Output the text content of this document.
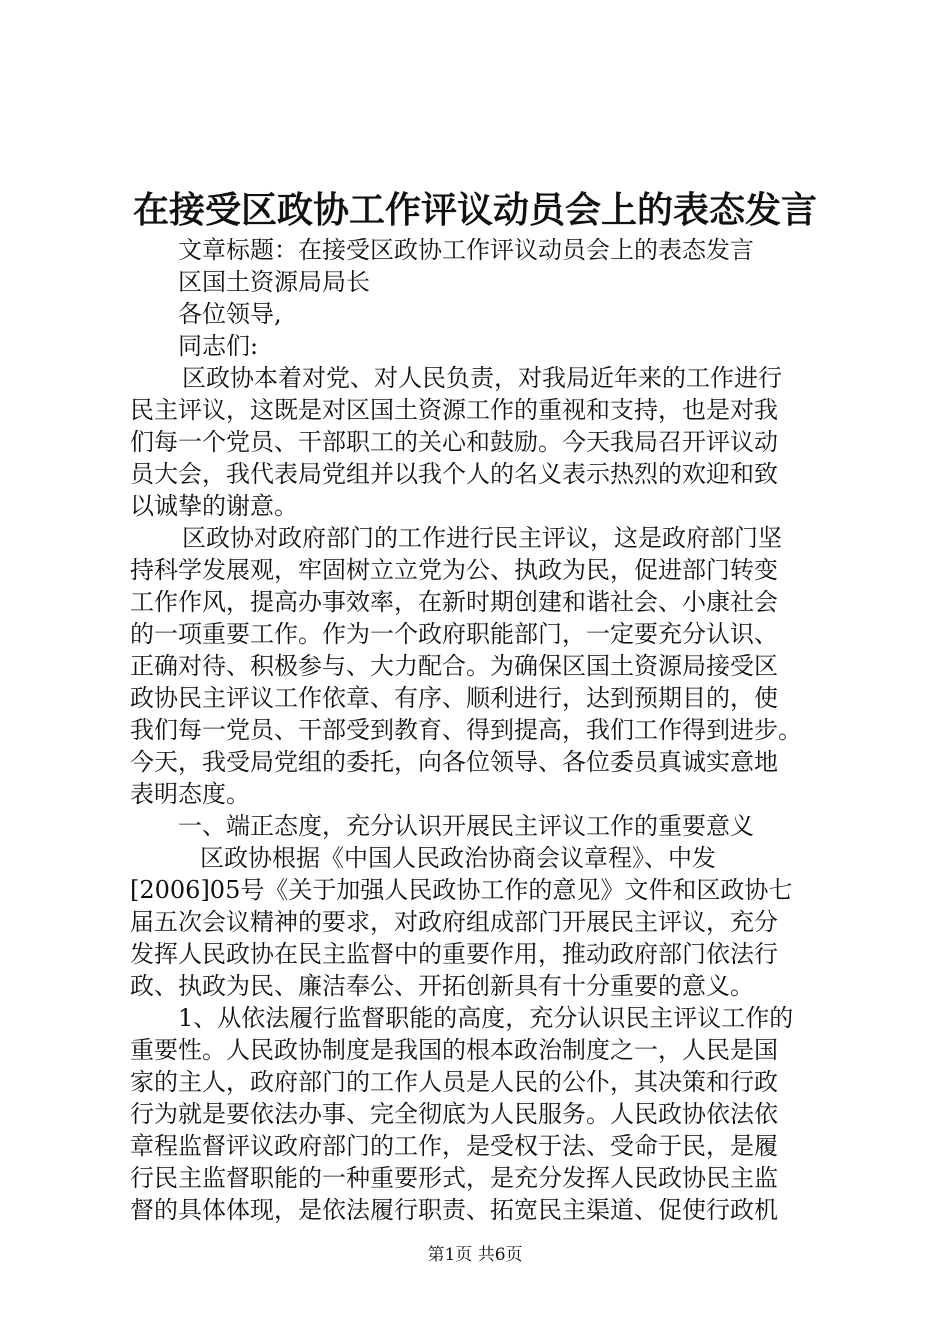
在接受区政协工作评议动员会上的表态发言
文章标题：在接受区政协工作评议动员会上的表态发言
区国土资源局局长
各位领导,
同志们:
区政协本着对党、对人民负责，对我局近年来的工作进行
民主评议，这既是对区国土资源工作的重视和支持，也是对我
们每一个党员、干部职工的关心和鼓励。今天我局召开评议动
员大会，我代表局党组并以我个人的名义表示热烈的欢迎和致
以诚挚的谢意。
区政协对政府部门的工作进行民主评议，这是政府部门坚
持科学发展观，牢固树立立党为公、执政为民，促进部门转变
工作作风，提高办事效率，在新时期创建和谐社会、小康社会
的一项重要工作。作为一个政府职能部门，一定要充分认识、
正确对待、积极参与、大力配合。为确保区国土资源局接受区
政协民主评议工作依章、有序、顺利进行，达到预期目的，使
我们每一党员、干部受到教育、得到提高，我们工作得到进步。
今天，我受局党组的委托，向各位领导、各位委员真诚实意地
表明态度。
一、端正态度，充分认识开展民主评议工作的重要意义
区政协根据《中国人民政治协商会议章程》、中发
[2006]05号《关于加强人民政协工作的意见》文件和区政协七
届五次会议精神的要求，对政府组成部门开展民主评议，充分
发挥人民政协在民主监督中的重要作用，推动政府部门依法行
政、执政为民、廉洁奉公、开拓创新具有十分重要的意义。
1、从依法履行监督职能的高度，充分认识民主评议工作的
重要性。人民政协制度是我国的根本政治制度之一，人民是国
家的主人，政府部门的工作人员是人民的公仆，其决策和行政
行为就是要依法办事、完全彻底为人民服务。人民政协依法依
章程监督评议政府部门的工作，是受权于法、受命于民，是履
行民主监督职能的一种重要形式，是充分发挥人民政协民主监
督的具体体现，是依法履行职责、拓宽民主渠道、促使行政机
第1页 共6页
